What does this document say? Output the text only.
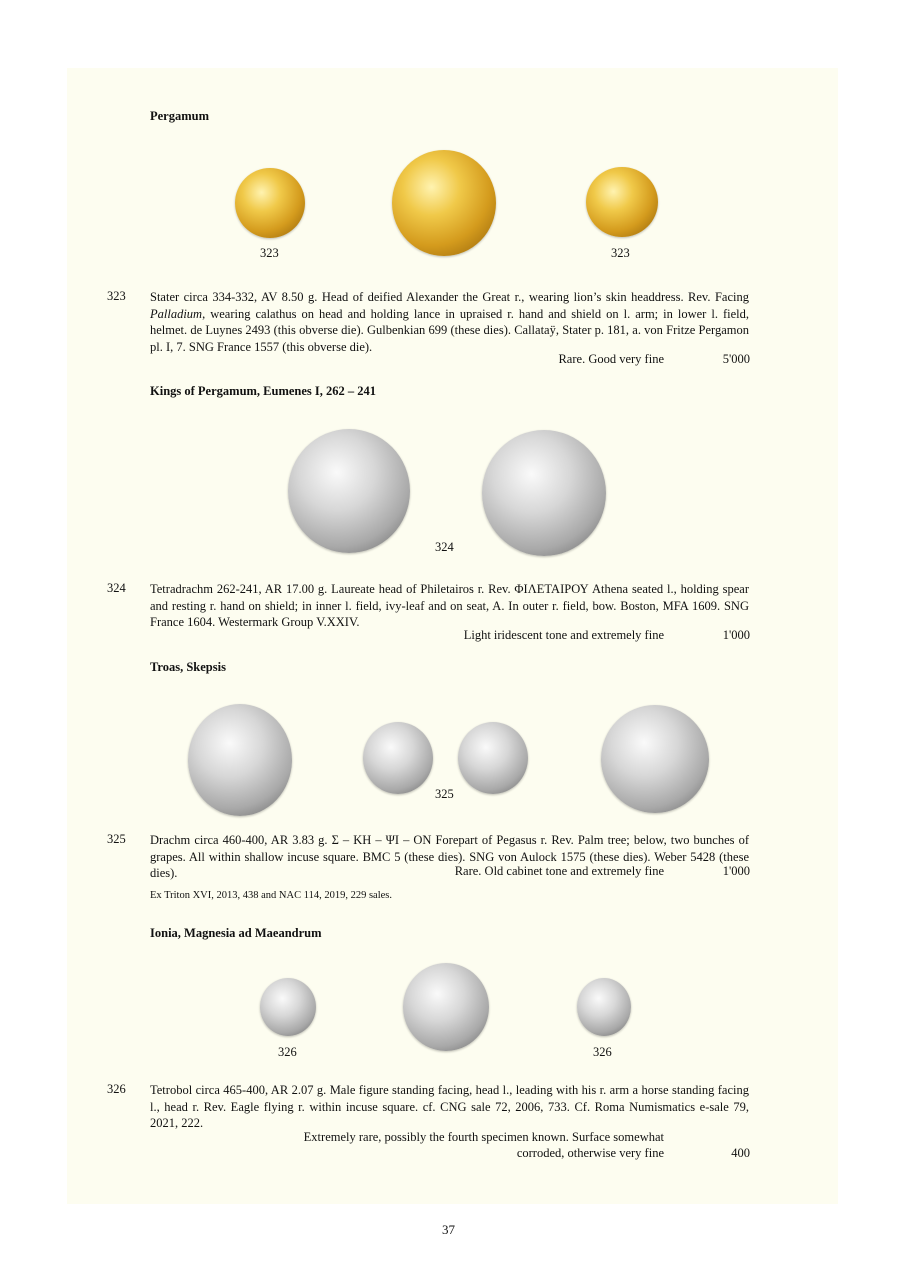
Pergamum
323	323
323 Stater circa 334-332, AV 8.50 g. Head of deified Alexander the Great r., wearing lion’s skin headdress. Rev. Facing Palladium, wearing calathus on head and holding lance in upraised r. hand and shield on l. arm; in lower l. field, helmet. de Luynes 2493 (this obverse die). Gulbenkian 699 (these dies). Callataÿ, Stater p. 181, a. von Fritze Pergamon pl. I, 7. SNG France 1557 (this obverse die).

Rare. Good very fine	5'000
Kings of Pergamum, Eumenes I, 262 – 241
324
324 Tetradrachm 262-241, AR 17.00 g. Laureate head of Philetairos r. Rev. ΦΙΛΕΤΑΙΡΟΥ Athena seated l., holding spear and resting r. hand on shield; in inner l. field, ivy-leaf and on seat, A. In outer r. field, bow. Boston, MFA 1609. SNG France 1604. Westermark Group V.XXIV.

Light iridescent tone and extremely fine	1'000
Troas, Skepsis
325
325 Drachm circa 460-400, AR 3.83 g. Σ – ΚΗ – ΨΙ – ΟΝ Forepart of Pegasus r. Rev. Palm tree; below, two bunches of grapes. All within shallow incuse square. BMC 5 (these dies). SNG von Aulock 1575 (these dies). Weber 5428 (these dies).	Rare. Old cabinet tone and extremely fine	1'000
Ex Triton XVI, 2013, 438 and NAC 114, 2019, 229 sales.
Ionia, Magnesia ad Maeandrum
326	326
326 Tetrobol circa 465-400, AR 2.07 g. Male figure standing facing, head l., leading with his r. arm a horse standing facing l., head r. Rev. Eagle flying r. within incuse square. cf. CNG sale 72, 2006, 733. Cf. Roma Numismatics e-sale 79, 2021, 222.

Extremely rare, possibly the fourth specimen known. Surface somewhat
corroded, otherwise very fine	400
37
